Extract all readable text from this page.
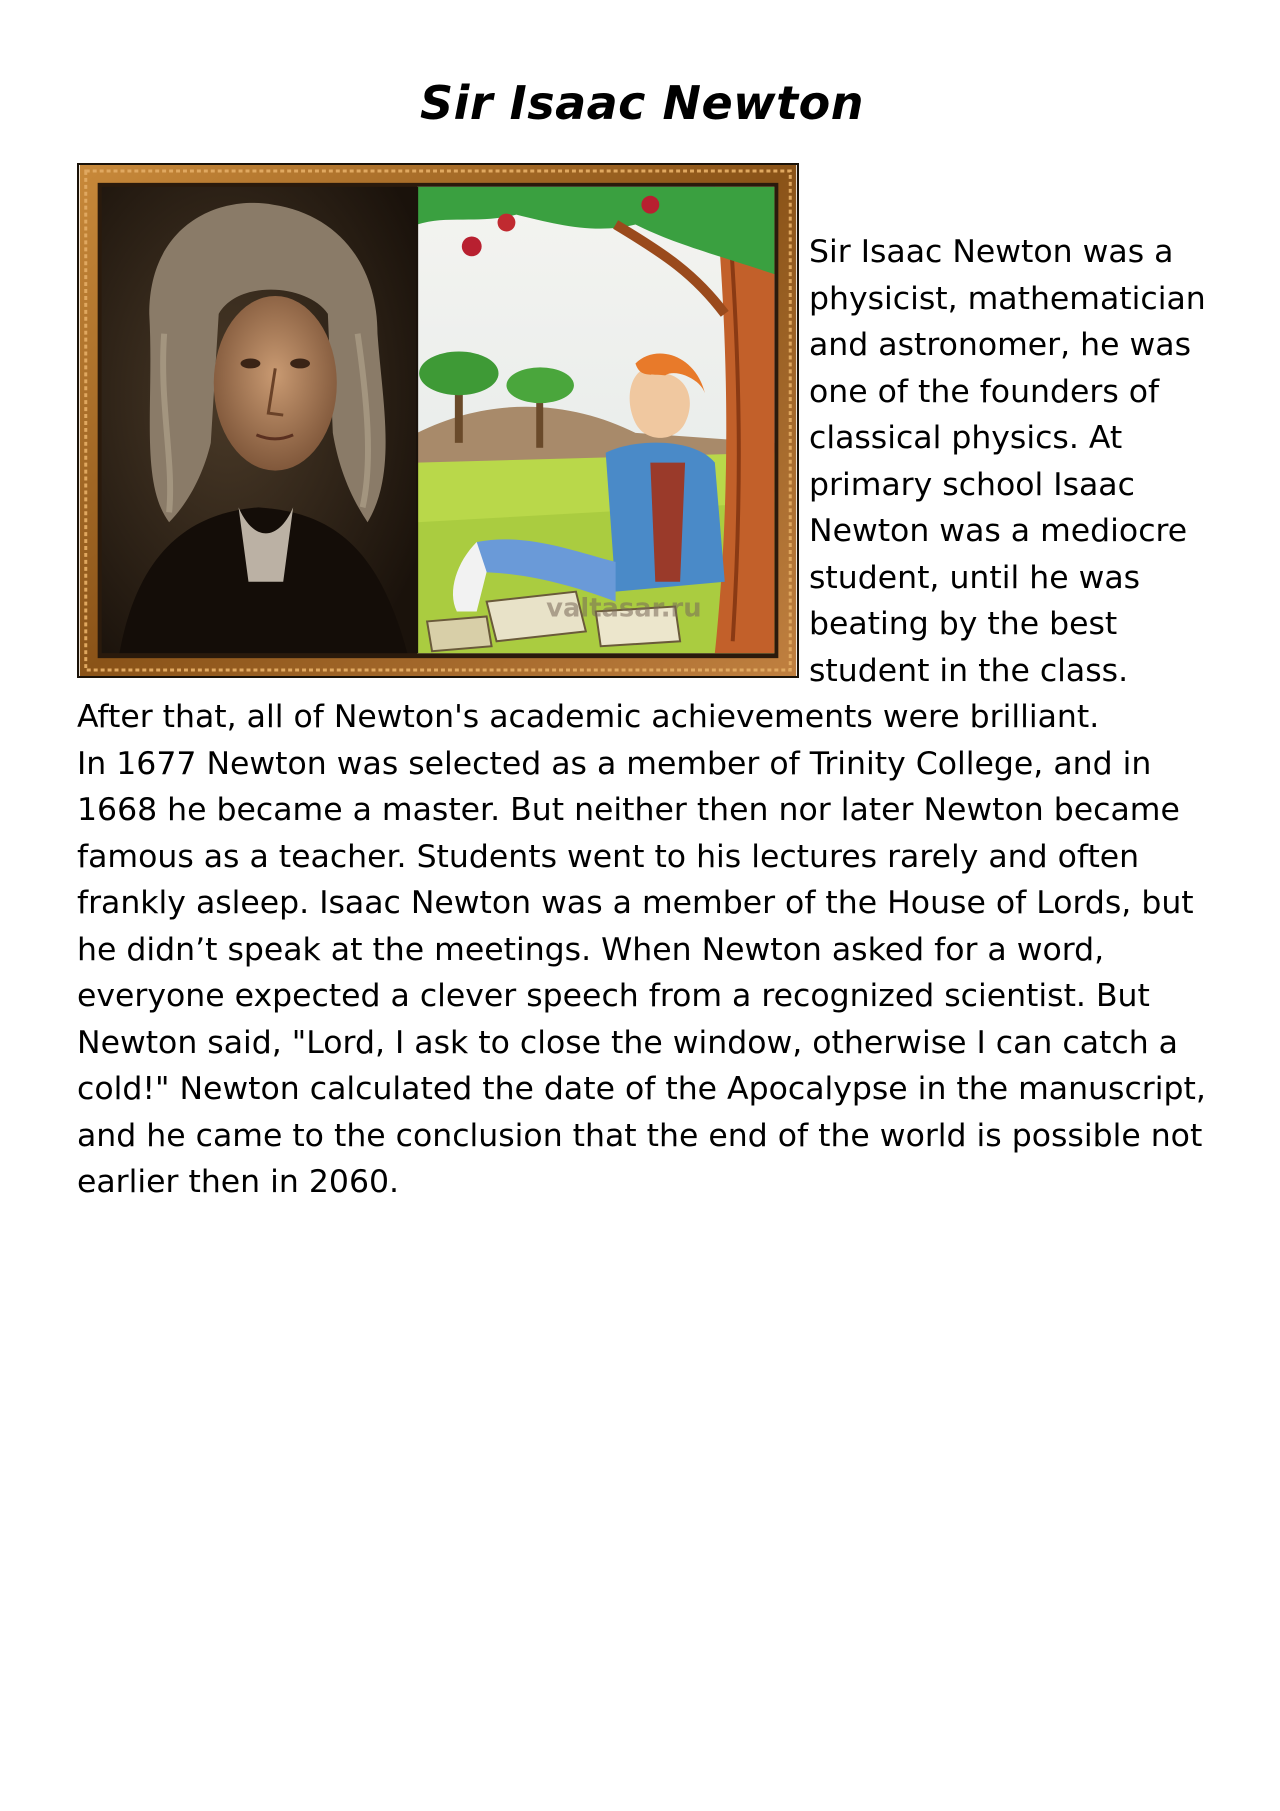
Sir Isaac Newton
valtasar.ru

Sir Isaac Newton was a physicist, mathematician and astronomer, he was one of the founders of classical physics. At primary school Isaac Newton was a mediocre student, until he was beating by the best student in the class. After that, all of Newton's academic achievements were brilliant.

In 1677 Newton was selected as a member of Trinity College, and in 1668 he became a master. But neither then nor later Newton became famous as a teacher. Students went to his lectures rarely and often frankly asleep. Isaac Newton was a member of the House of Lords, but he didn’t speak at the meetings. When Newton asked for a word, everyone expected a clever speech from a recognized scientist. But Newton said, "Lord, I ask to close the window, otherwise I can catch a cold!" Newton calculated the date of the Apocalypse in the manuscript, and he came to the conclusion that the end of the world is possible not earlier then in 2060.
